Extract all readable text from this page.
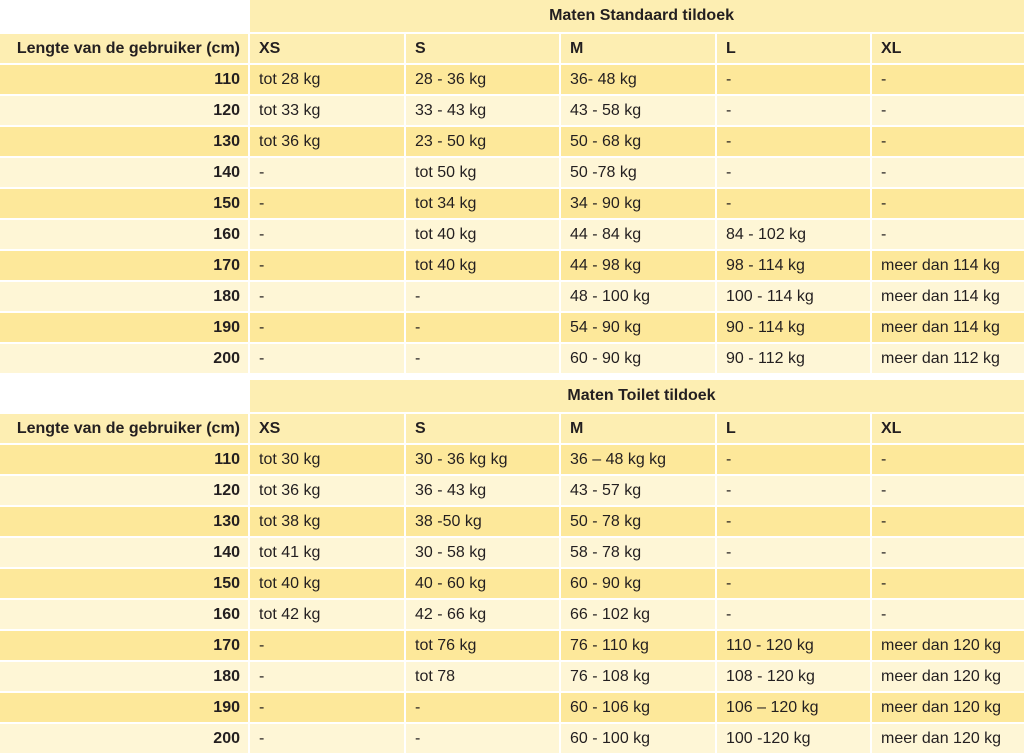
	Maten Standaard tildoek				
Lengte van de gebruiker (cm)	XS	S	M	L	XL
110	tot 28 kg	28 - 36 kg	36- 48 kg	-	-
120	tot 33 kg	33 - 43 kg	43 - 58 kg	-	-
130	tot 36 kg	23 - 50 kg	50 - 68 kg	-	-
140	-	tot 50 kg	50 -78 kg	-	-
150	-	tot 34 kg	34 - 90 kg	-	-
160	-	tot 40 kg	44 - 84 kg	84 - 102 kg	-
170	-	tot 40 kg	44 - 98 kg	98 - 114 kg	meer dan 114 kg
180	-	-	48 - 100 kg	100 - 114 kg	meer dan 114 kg
190	-	-	54 - 90 kg	90 - 114 kg	meer dan 114 kg
200	-	-	60 - 90 kg	90 - 112 kg	meer dan 112 kg
	Maten Toilet tildoek				
Lengte van de gebruiker (cm)	XS	S	M	L	XL
110	tot 30 kg	30 - 36 kg kg	36 – 48 kg kg	-	-
120	tot 36 kg	36 - 43 kg	43 - 57 kg	-	-
130	tot 38 kg	38 -50 kg	50 - 78 kg	-	-
140	tot 41 kg	30 - 58 kg	58 - 78 kg	-	-
150	tot 40 kg	40 - 60 kg	60 - 90 kg	-	-
160	tot 42 kg	42 - 66 kg	66 - 102 kg	-	-
170	-	tot 76 kg	76 - 110 kg	110 - 120 kg	meer dan 120 kg
180	-	tot 78	76 - 108 kg	108 - 120 kg	meer dan 120 kg
190	-	-	60 - 106 kg	106 – 120 kg	meer dan 120 kg
200	-	-	60 - 100 kg	100 -120 kg	meer dan 120 kg
